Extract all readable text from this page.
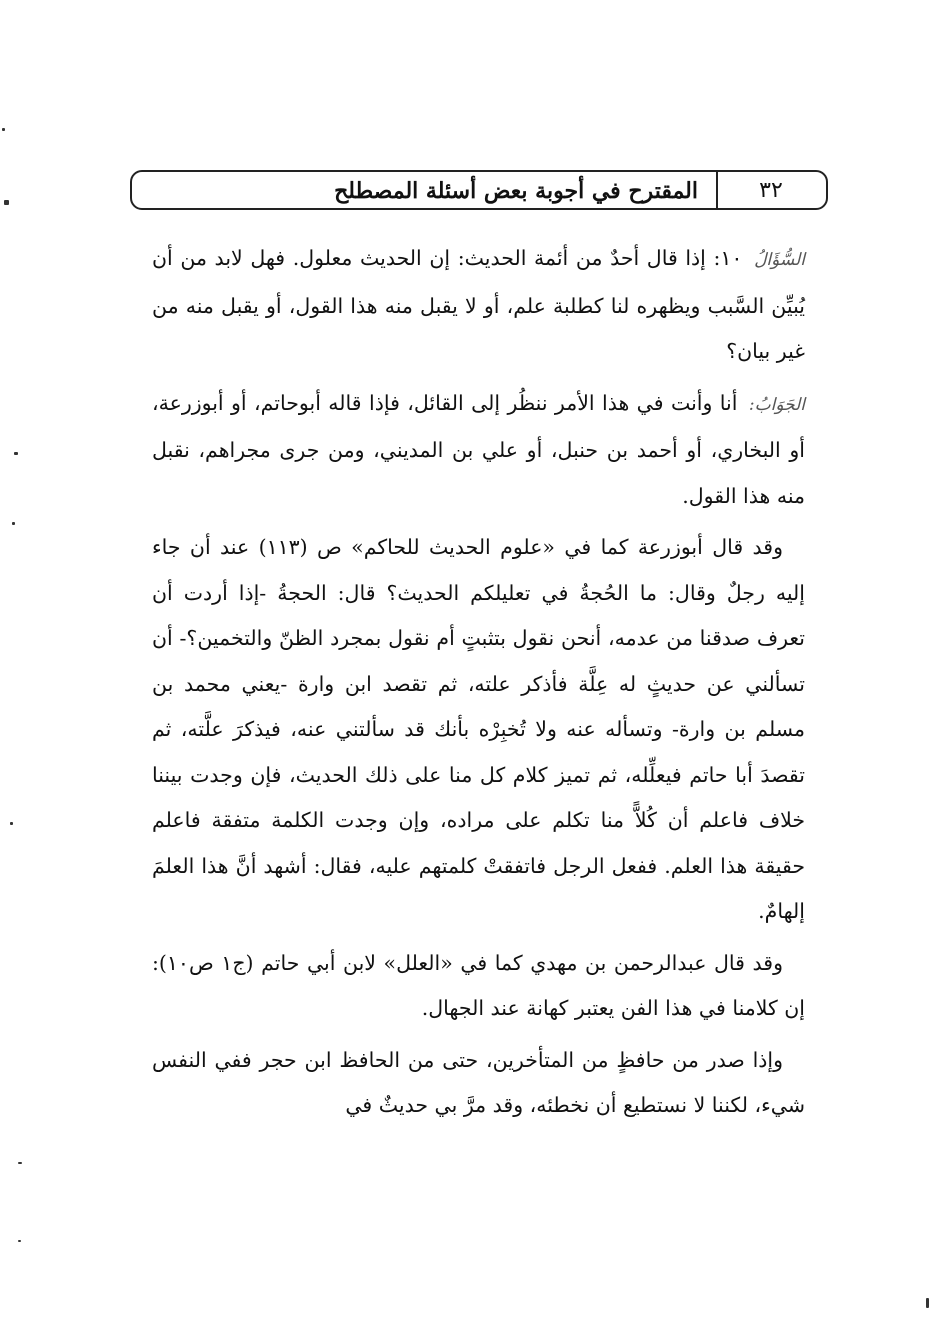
٣٢
المقترح في أجوبة بعض أسئلة المصطلح

السُّؤَالُ ١٠: إذا قال أحدٌ من أئمة الحديث: إن الحديث معلول. فهل لابد من أن يُبيِّن السَّبب ويظهره لنا كطلبة علم، أو لا يقبل منه هذا القول، أو يقبل منه من غير بيان؟

الجَوَابُ: أنا وأنت في هذا الأمر ننظُر إلى القائل، فإذا قاله أبوحاتم، أو أبوزرعة، أو البخاري، أو أحمد بن حنبل، أو علي بن المديني، ومن جرى مجراهم، نقبل منه هذا القول.

وقد قال أبوزرعة كما في «علوم الحديث للحاكم» ص (١١٣) عند أن جاء إليه رجلٌ وقال: ما الحُجةُ في تعليلكم الحديث؟ قال: الحجةُ -إذا أردت أن تعرف صدقنا من عدمه، أنحن نقول بتثبتٍ أم نقول بمجرد الظنّ والتخمين؟- أن تسألني عن حديثٍ له عِلَّة فأذكر علته، ثم تقصد ابن وارة -يعني محمد بن مسلم بن وارة- وتسأله عنه ولا تُخبِرْه بأنك قد سألتني عنه، فيذكرَ علَّته، ثم تقصدَ أبا حاتم فيعلِّله، ثم تميز كلام كل منا على ذلك الحديث، فإن وجدت بيننا خلاف فاعلم أن كُلاًّ منا تكلم على مراده، وإن وجدت الكلمة متفقة فاعلم حقيقة هذا العلم. ففعل الرجل فاتفقتْ كلمتهم عليه، فقال: أشهد أنَّ هذا العلمَ إلهامٌ.

وقد قال عبدالرحمن بن مهدي كما في «العلل» لابن أبي حاتم (ج١ ص١٠): إن كلامنا في هذا الفن يعتبر كهانة عند الجهال.

وإذا صدر من حافظٍ من المتأخرين، حتى من الحافظ ابن حجر ففي النفس شيء، لكننا لا نستطيع أن نخطئه، وقد مرَّ بي حديثٌ في
